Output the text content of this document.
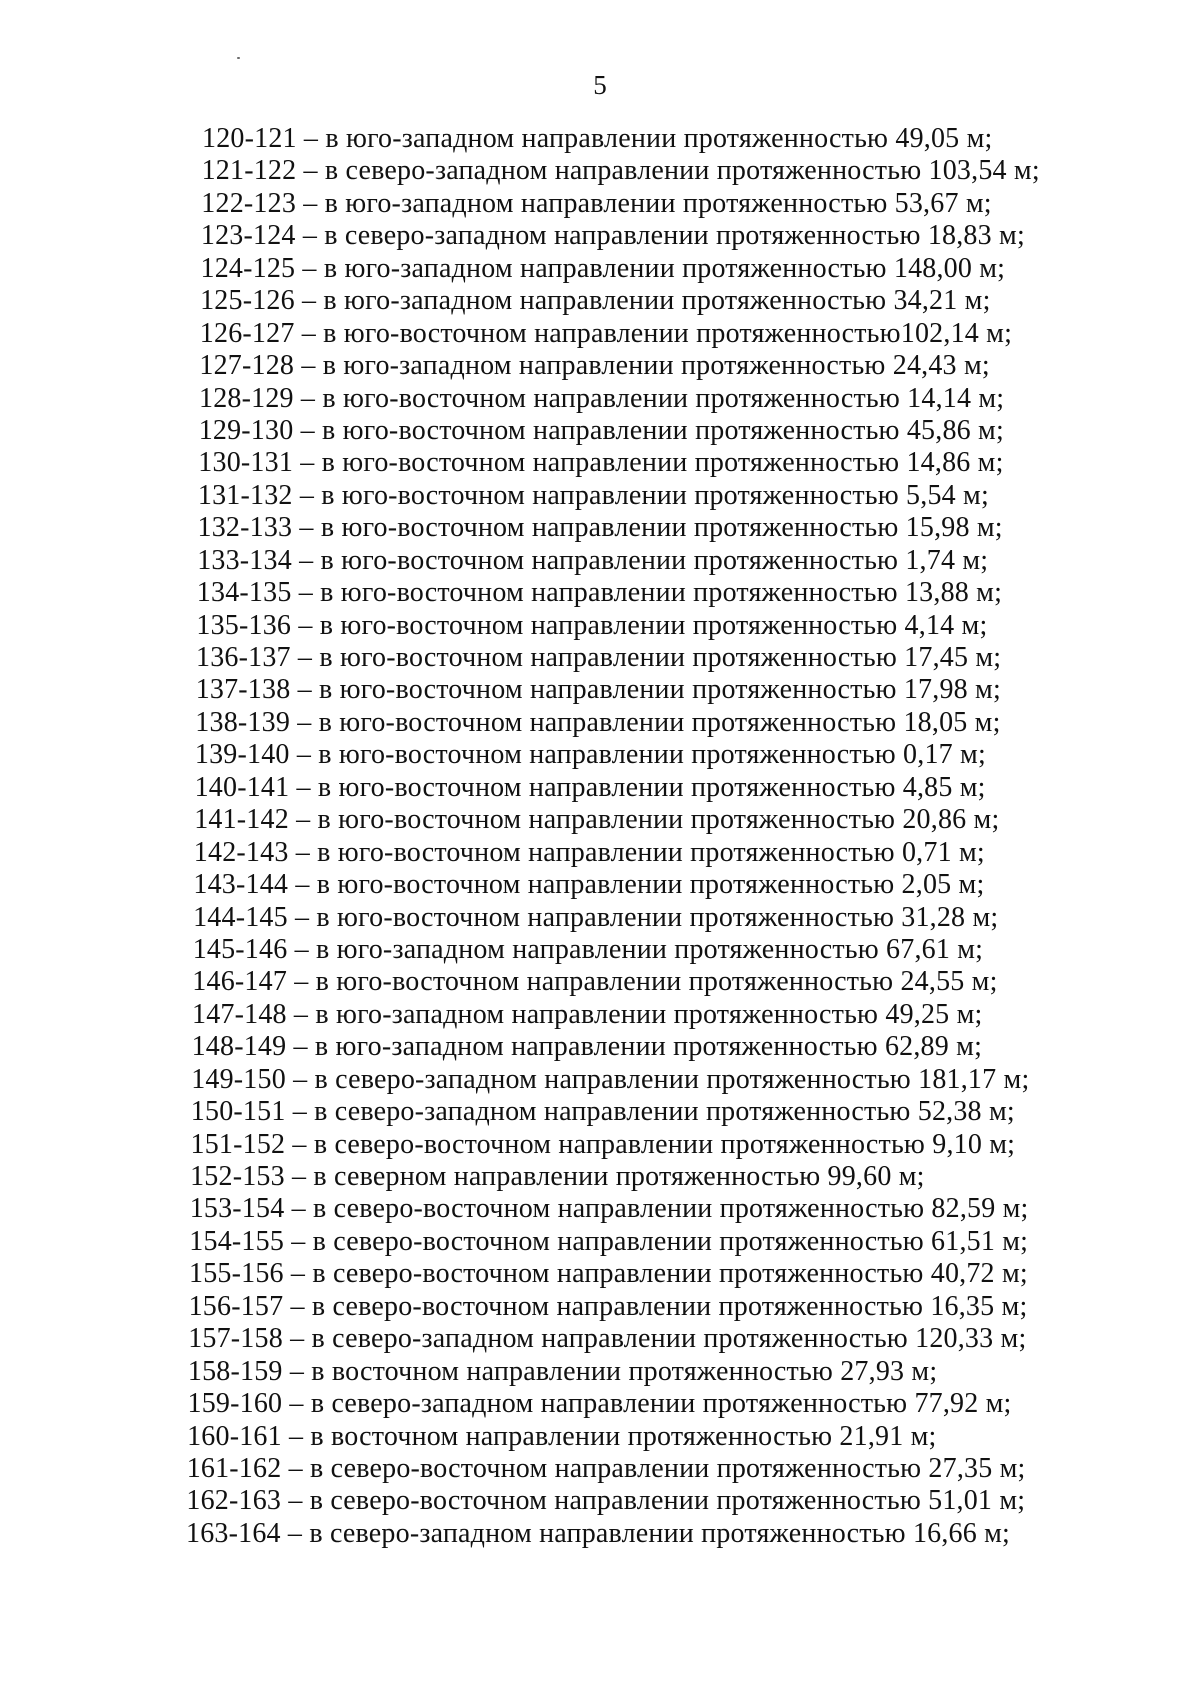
5
120-121 – в юго-западном направлении протяженностью 49,05 м;
121-122 – в северо-западном направлении протяженностью 103,54 м;
122-123 – в юго-западном направлении протяженностью 53,67 м;
123-124 – в северо-западном направлении протяженностью 18,83 м;
124-125 – в юго-западном направлении протяженностью 148,00 м;
125-126 – в юго-западном направлении протяженностью 34,21 м;
126-127 – в юго-восточном направлении протяженностью102,14 м;
127-128 – в юго-западном направлении протяженностью 24,43 м;
128-129 – в юго-восточном направлении протяженностью 14,14 м;
129-130 – в юго-восточном направлении протяженностью 45,86 м;
130-131 – в юго-восточном направлении протяженностью 14,86 м;
131-132 – в юго-восточном направлении протяженностью 5,54 м;
132-133 – в юго-восточном направлении протяженностью 15,98 м;
133-134 – в юго-восточном направлении протяженностью 1,74 м;
134-135 – в юго-восточном направлении протяженностью 13,88 м;
135-136 – в юго-восточном направлении протяженностью 4,14 м;
136-137 – в юго-восточном направлении протяженностью 17,45 м;
137-138 – в юго-восточном направлении протяженностью 17,98 м;
138-139 – в юго-восточном направлении протяженностью 18,05 м;
139-140 – в юго-восточном направлении протяженностью 0,17 м;
140-141 – в юго-восточном направлении протяженностью 4,85 м;
141-142 – в юго-восточном направлении протяженностью 20,86 м;
142-143 – в юго-восточном направлении протяженностью 0,71 м;
143-144 – в юго-восточном направлении протяженностью 2,05 м;
144-145 – в юго-восточном направлении протяженностью 31,28 м;
145-146 – в юго-западном направлении протяженностью 67,61 м;
146-147 – в юго-восточном направлении протяженностью 24,55 м;
147-148 – в юго-западном направлении протяженностью 49,25 м;
148-149 – в юго-западном направлении протяженностью 62,89 м;
149-150 – в северо-западном направлении протяженностью 181,17 м;
150-151 – в северо-западном направлении протяженностью 52,38 м;
151-152 – в северо-восточном направлении протяженностью 9,10 м;
152-153 – в северном направлении протяженностью 99,60 м;
153-154 – в северо-восточном направлении протяженностью 82,59 м;
154-155 – в северо-восточном направлении протяженностью 61,51 м;
155-156 – в северо-восточном направлении протяженностью 40,72 м;
156-157 – в северо-восточном направлении протяженностью 16,35 м;
157-158 – в северо-западном направлении протяженностью 120,33 м;
158-159 – в восточном направлении протяженностью 27,93 м;
159-160 – в северо-западном направлении протяженностью 77,92 м;
160-161 – в восточном направлении протяженностью 21,91 м;
161-162 – в северо-восточном направлении протяженностью 27,35 м;
162-163 – в северо-восточном направлении протяженностью 51,01 м;
163-164 – в северо-западном направлении протяженностью 16,66 м;
